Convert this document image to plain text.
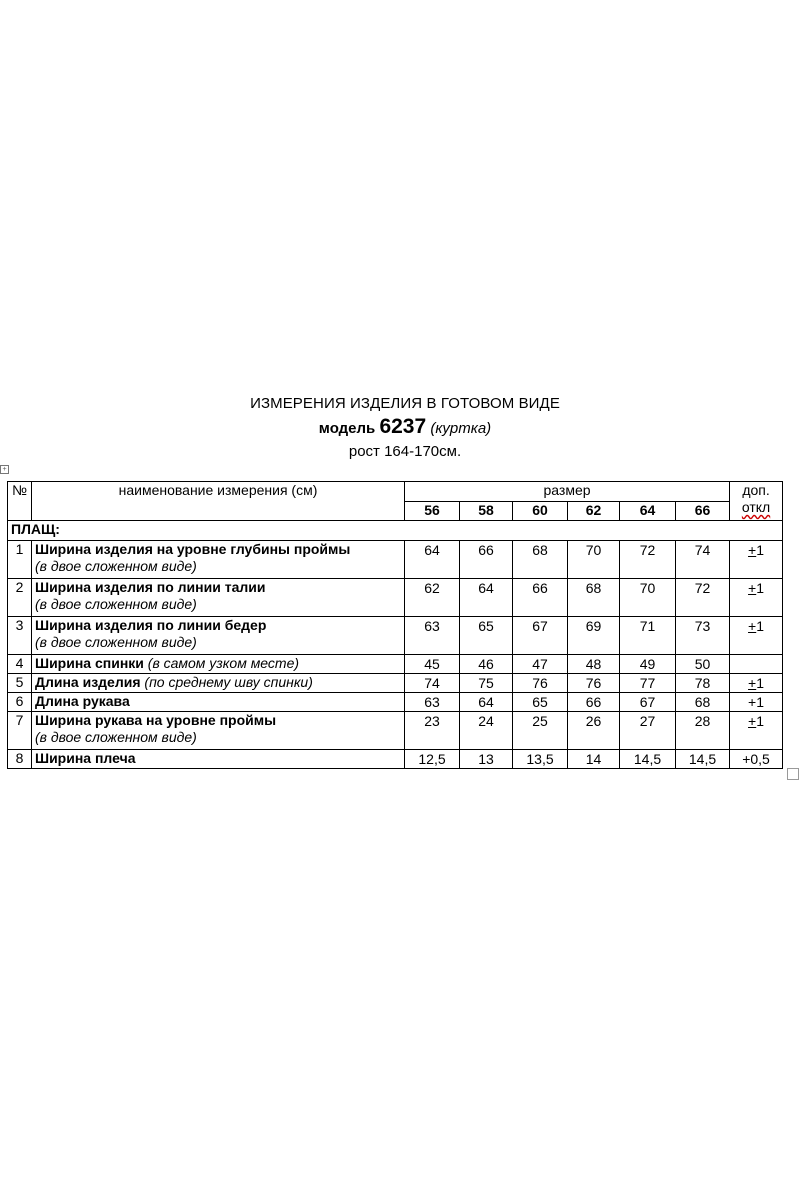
ИЗМЕРЕНИЯ ИЗДЕЛИЯ В ГОТОВОМ ВИДЕ
модель 6237 (куртка)
рост 164-170см.
+
№	наименование измерения (см)	размер						доп.
откл

		56	58	60	62	64	66	
ПЛАЩ:								
1	Ширина изделия на уровне глубины проймы
(в двое сложенном виде)	64	66	68	70	72	74	+1
2	Ширина изделия по линии талии
(в двое сложенном виде)	62	64	66	68	70	72	+1
3	Ширина изделия по линии бедер
(в двое сложенном виде)	63	65	67	69	71	73	+1
4	Ширина спинки (в самом узком месте)	45	46	47	48	49	50	
5	Длина изделия (по среднему шву спинки)	74	75	76	76	77	78	+1
6	Длина рукава	63	64	65	66	67	68	+1
7	Ширина рукава на уровне проймы
(в двое сложенном виде)	23	24	25	26	27	28	+1
8	Ширина плеча	12,5	13	13,5	14	14,5	14,5	+0,5
